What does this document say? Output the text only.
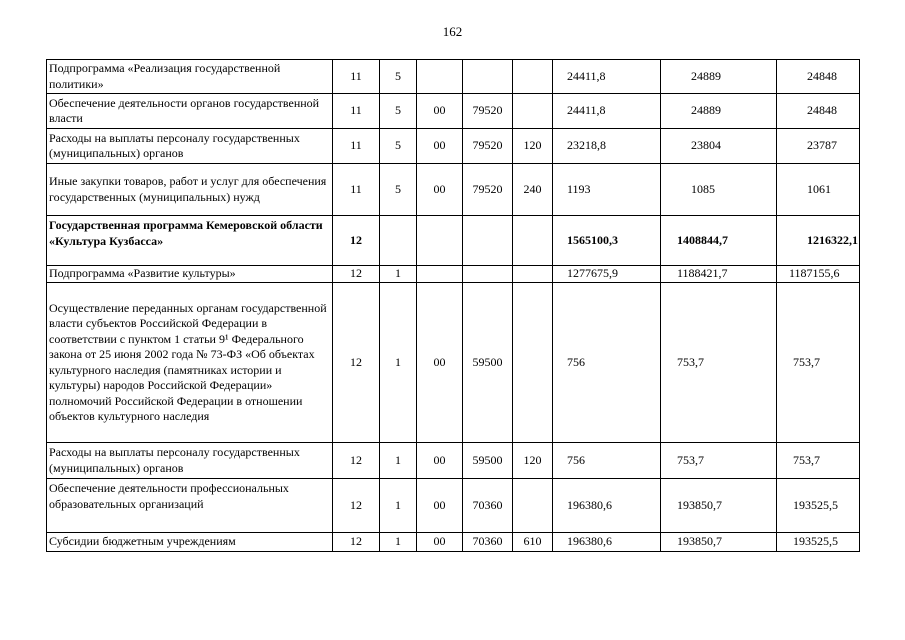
162
Подпрограмма «Реализация государственной политики»	11	5				24411,8	24889	24848
Обеспечение деятельности органов государственной власти	11	5	00	79520		24411,8	24889	24848
Расходы на выплаты персоналу государственных (муниципальных) органов	11	5	00	79520	120	23218,8	23804	23787
Иные закупки товаров, работ и услуг для обеспечения государственных (муниципальных) нужд	11	5	00	79520	240	1193	1085	1061
Государственная программа Кемеровской области «Культура Кузбасса»	12					1565100,3	1408844,7	1216322,1
Подпрограмма «Развитие культуры»	12	1				1277675,9	1188421,7	1187155,6
Осуществление переданных органам государственной власти субъектов Российской Федерации в соответствии с пунктом 1 статьи 9¹ Федерального закона от 25 июня 2002 года № 73-ФЗ «Об объектах культурного наследия (памятниках истории и культуры) народов Российской Федерации» полномочий Российской Федерации в отношении объектов культурного наследия	12	1	00	59500		756	753,7	753,7
Расходы на выплаты персоналу государственных (муниципальных) органов	12	1	00	59500	120	756	753,7	753,7
Обеспечение деятельности профессиональных образовательных организаций	12	1	00	70360		196380,6	193850,7	193525,5
Субсидии бюджетным учреждениям	12	1	00	70360	610	196380,6	193850,7	193525,5
